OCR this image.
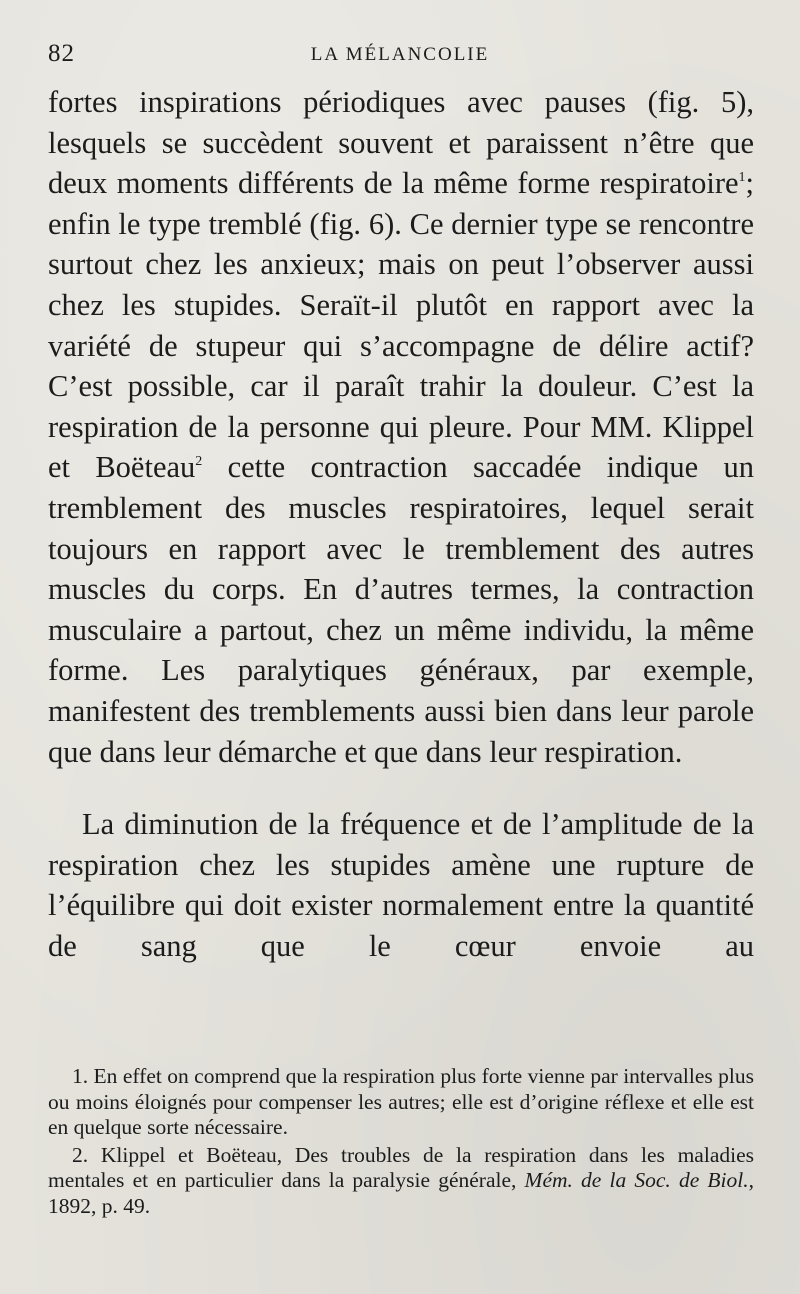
82	LA MÉLANCOLIE

fortes inspirations périodiques avec pauses (fig. 5), lesquels se succèdent souvent et paraissent n’être que deux moments différents de la même forme respiratoire$^1$; enfin le type tremblé (fig. 6). Ce dernier type se rencontre surtout chez les anxieux; mais on peut l’observer aussi chez les stupides. Seraït-il plutôt en rapport avec la variété de stupeur qui s’accompagne de délire actif? C’est possible, car il paraît trahir la douleur. C’est la respiration de la personne qui pleure. Pour MM. Klippel et Boëteau$^2$ cette contraction saccadée indique un tremblement des muscles respiratoires, lequel serait toujours en rapport avec le tremblement des autres muscles du corps. En d’autres termes, la contraction musculaire a partout, chez un même individu, la même forme. Les paralytiques généraux, par exemple, manifestent des tremblements aussi bien dans leur parole que dans leur démarche et que dans leur respiration.

La diminution de la fréquence et de l’amplitude de la respiration chez les stupides amène une rupture de l’équilibre qui doit exister normalement entre la quantité de sang que le cœur envoie au

1. En effet on comprend que la respiration plus forte vienne par intervalles plus ou moins éloignés pour compenser les autres; elle est d’origine réflexe et elle est en quelque sorte nécessaire.

2. Klippel et Boëteau, Des troubles de la respiration dans les maladies mentales et en particulier dans la paralysie générale, Mém. de la Soc. de Biol., 1892, p. 49.
